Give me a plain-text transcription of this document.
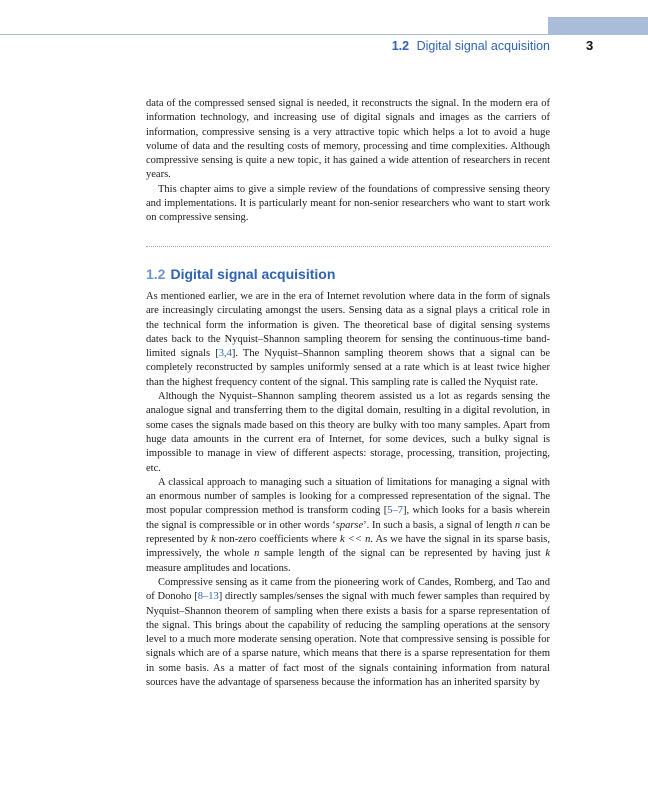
1.2 Digital signal acquisition	3

data of the compressed sensed signal is needed, it reconstructs the signal. In the modern era of information technology, and increasing use of digital signals and images as the carriers of information, compressive sensing is a very attractive topic which helps a lot to avoid a huge volume of data and the resulting costs of memory, processing and time complexities. Although compressive sensing is quite a new topic, it has gained a wide attention of researchers in recent years.

This chapter aims to give a simple review of the foundations of compressive sensing theory and implementations. It is particularly meant for non-senior researchers who want to start work on compressive sensing.

1.2 Digital signal acquisition

As mentioned earlier, we are in the era of Internet revolution where data in the form of signals are increasingly circulating amongst the users. Sensing data as a signal plays a critical role in the technical form the information is given. The theoretical base of digital sensing systems dates back to the Nyquist–Shannon sampling theorem for sensing the continuous-time band-limited signals [3,4]. The Nyquist–Shannon sampling theorem shows that a signal can be completely reconstructed by samples uniformly sensed at a rate which is at least twice higher than the highest frequency content of the signal. This sampling rate is called the Nyquist rate.

Although the Nyquist–Shannon sampling theorem assisted us a lot as regards sensing the analogue signal and transferring them to the digital domain, resulting in a digital revolution, in some cases the signals made based on this theory are bulky with too many samples. Apart from huge data amounts in the current era of Internet, for some devices, such a bulky signal is impossible to manage in view of different aspects: storage, processing, transition, projecting, etc.

A classical approach to managing such a situation of limitations for managing a signal with an enormous number of samples is looking for a compressed representation of the signal. The most popular compression method is transform coding [5–7], which looks for a basis wherein the signal is compressible or in other words ‘sparse’. In such a basis, a signal of length n can be represented by k non-zero coefficients where k << n. As we have the signal in its sparse basis, impressively, the whole n sample length of the signal can be represented by having just k measure amplitudes and locations.

Compressive sensing as it came from the pioneering work of Candes, Romberg, and Tao and of Donoho [8–13] directly samples/senses the signal with much fewer samples than required by Nyquist–Shannon theorem of sampling when there exists a basis for a sparse representation of the signal. This brings about the capability of reducing the sampling operations at the sensory level to a much more moderate sensing operation. Note that compressive sensing is possible for signals which are of a sparse nature, which means that there is a sparse representation for them in some basis. As a matter of fact most of the signals containing information from natural sources have the advantage of sparseness because the information has an inherited sparsity by
